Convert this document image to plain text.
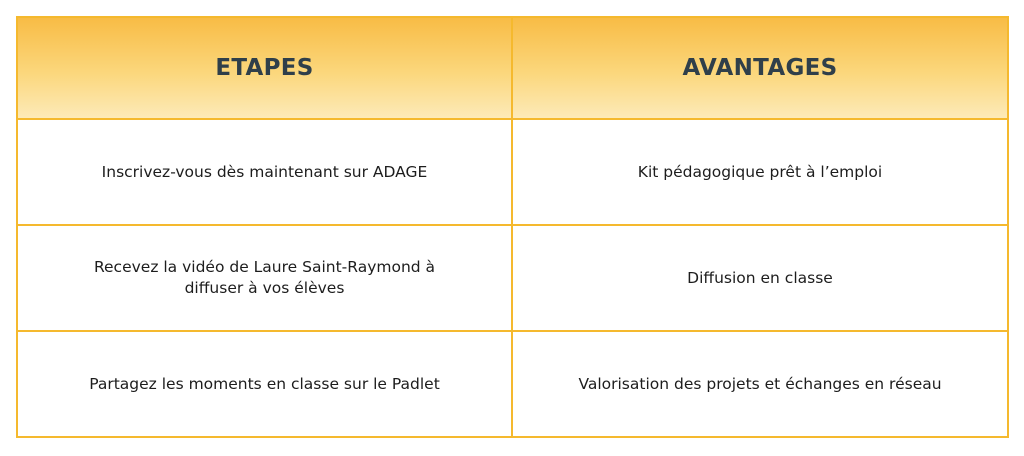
ETAPES	AVANTAGES
Inscrivez-vous dès maintenant sur ADAGE	Kit pédagogique prêt à l’emploi
Recevez la vidéo de Laure Saint-Raymond à diffuser à vos élèves	Diffusion en classe
Partagez les moments en classe sur le Padlet	Valorisation des projets et échanges en réseau
